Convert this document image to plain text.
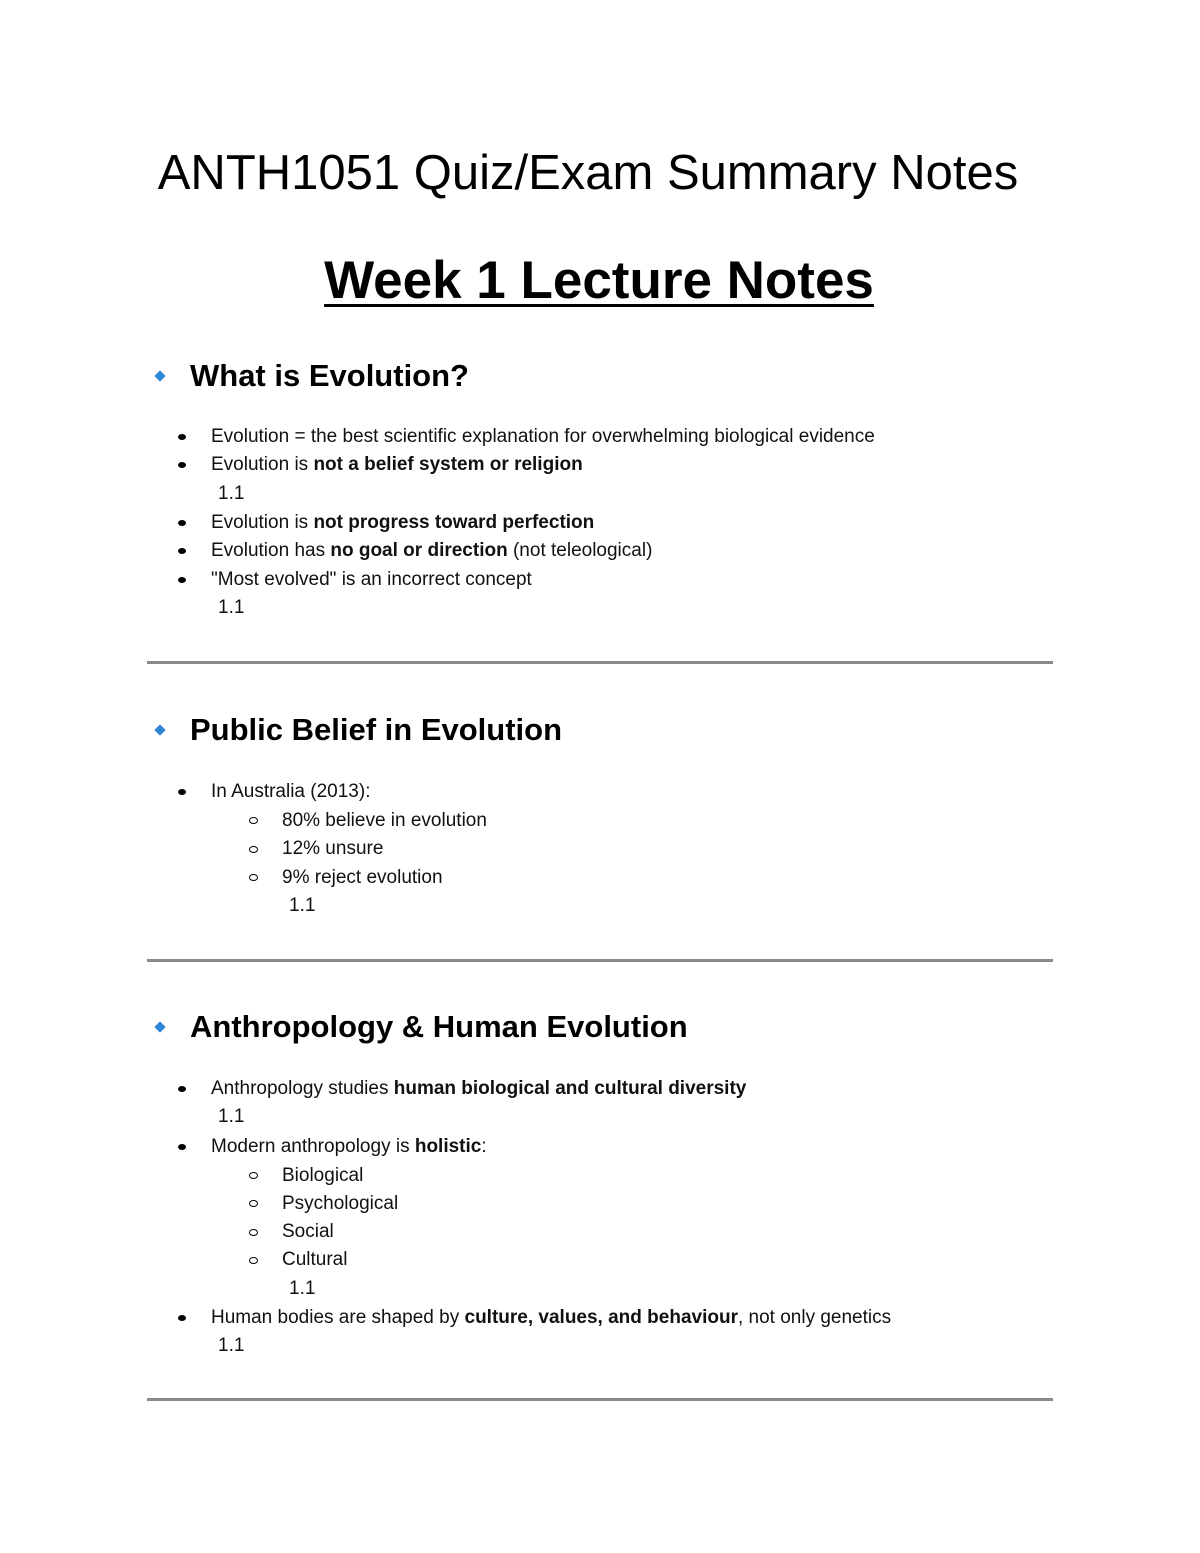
ANTH1051 Quiz/Exam Summary Notes
Week 1 Lecture Notes
What is Evolution?
Evolution = the best scientific explanation for overwhelming biological evidence
Evolution is not a belief system or religion
1.1
Evolution is not progress toward perfection
Evolution has no goal or direction (not teleological)
"Most evolved" is an incorrect concept
1.1
Public Belief in Evolution
In Australia (2013):
80% believe in evolution
12% unsure
9% reject evolution
1.1
Anthropology & Human Evolution
Anthropology studies human biological and cultural diversity
1.1
Modern anthropology is holistic:
Biological
Psychological
Social
Cultural
1.1
Human bodies are shaped by culture, values, and behaviour, not only genetics
1.1
